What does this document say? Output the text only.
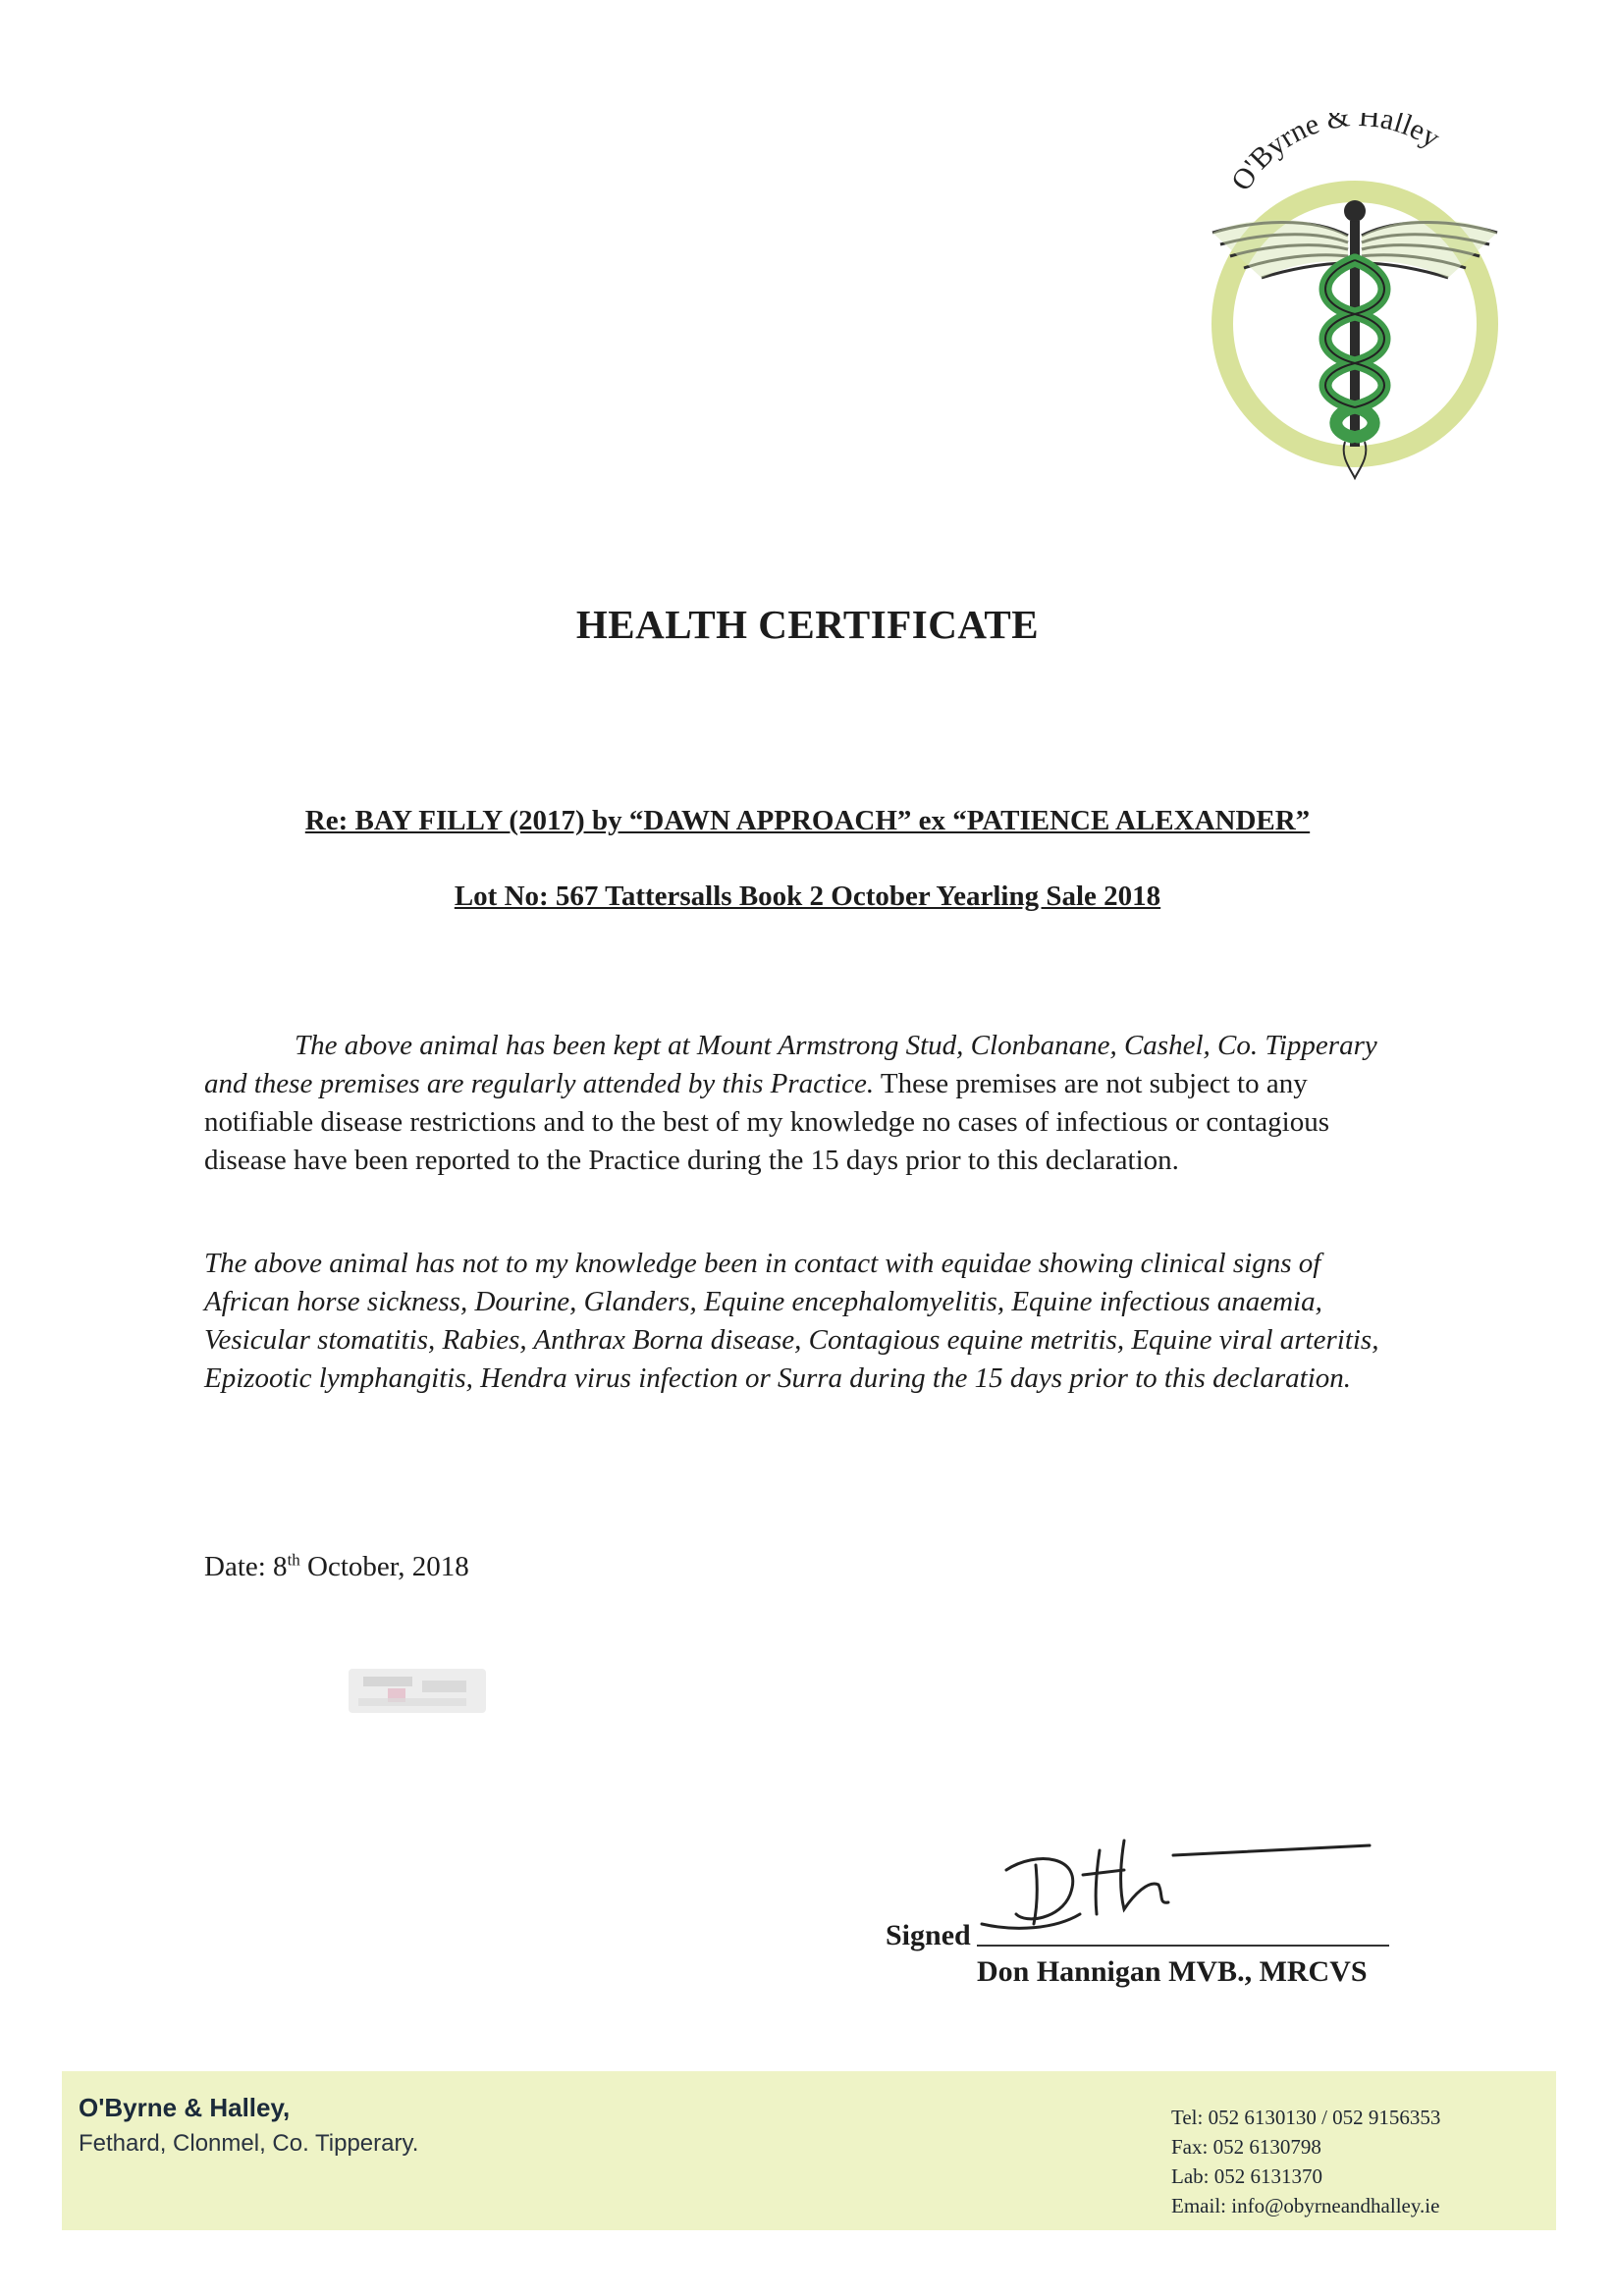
O'Byrne & Halley
HEALTH CERTIFICATE
Re: BAY FILLY (2017) by “DAWN APPROACH” ex “PATIENCE ALEXANDER”
Lot No: 567 Tattersalls Book 2 October Yearling Sale 2018

The above animal has been kept at Mount Armstrong Stud, Clonbanane, Cashel, Co. Tipperary and these premises are regularly attended by this Practice. These premises are not subject to any notifiable disease restrictions and to the best of my knowledge no cases of infectious or contagious disease have been reported to the Practice during the 15 days prior to this declaration.

The above animal has not to my knowledge been in contact with equidae showing clinical signs of African horse sickness, Dourine, Glanders, Equine encephalomyelitis, Equine infectious anaemia, Vesicular stomatitis, Rabies, Anthrax Borna disease, Contagious equine metritis, Equine viral arteritis, Epizootic lymphangitis, Hendra virus infection or Surra during the 15 days prior to this declaration.

Date: 8th October, 2018
Signed
Don Hannigan MVB., MRCVS
O'Byrne & Halley,
Fethard, Clonmel, Co. Tipperary.
Tel: 052 6130130 / 052 9156353
Fax: 052 6130798
Lab: 052 6131370
Email: info@obyrneandhalley.ie
